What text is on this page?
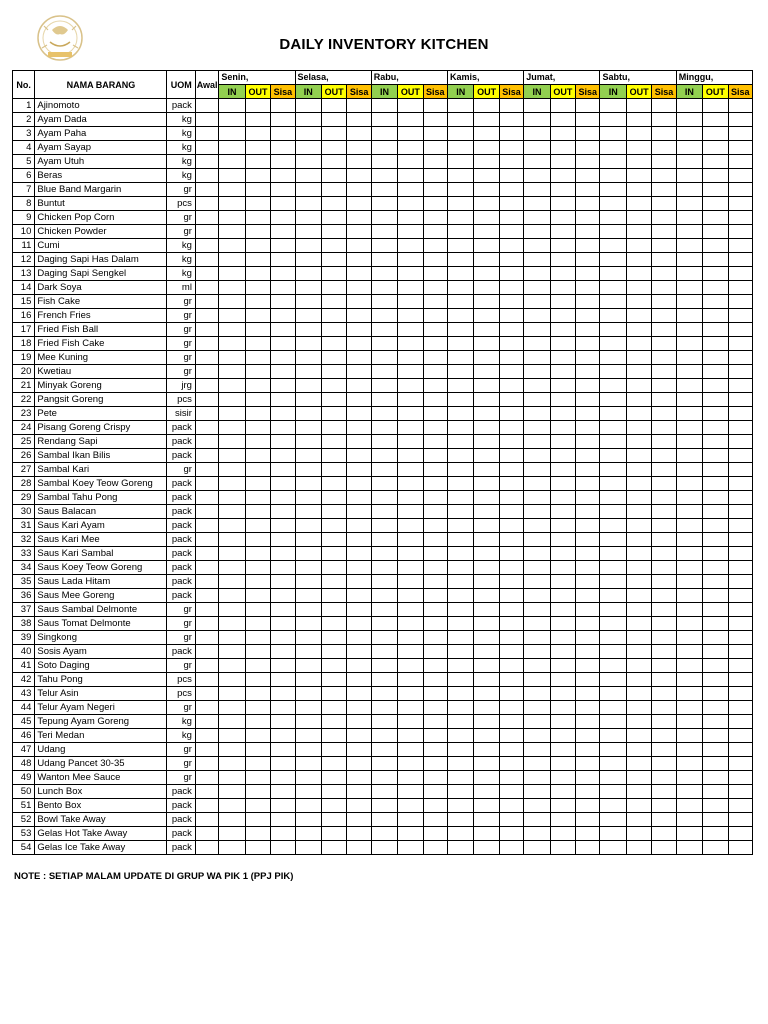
DAILY INVENTORY KITCHEN
No.	NAMA BARANG	UOM	Awal	Senin,			Selasa,			Rabu,			Kamis,			Jumat,			Sabtu,			Minggu,		
				IN	OUT	Sisa	IN	OUT	Sisa	IN	OUT	Sisa	IN	OUT	Sisa	IN	OUT	Sisa	IN	OUT	Sisa	IN	OUT	Sisa
1	Ajinomoto	pack																						
2	Ayam Dada	kg																						
3	Ayam Paha	kg																						
4	Ayam Sayap	kg																						
5	Ayam Utuh	kg																						
6	Beras	kg																						
7	Blue Band Margarin	gr																						
8	Buntut	pcs																						
9	Chicken Pop Corn	gr																						
10	Chicken Powder	gr																						
11	Cumi	kg																						
12	Daging Sapi Has Dalam	kg																						
13	Daging Sapi Sengkel	kg																						
14	Dark Soya	ml																						
15	Fish Cake	gr																						
16	French Fries	gr																						
17	Fried Fish Ball	gr																						
18	Fried Fish Cake	gr																						
19	Mee Kuning	gr																						
20	Kwetiau	gr																						
21	Minyak Goreng	jrg																						
22	Pangsit Goreng	pcs																						
23	Pete	sisir																						
24	Pisang Goreng Crispy	pack																						
25	Rendang Sapi	pack																						
26	Sambal Ikan Bilis	pack																						
27	Sambal Kari	gr																						
28	Sambal Koey Teow Goreng	pack																						
29	Sambal Tahu Pong	pack																						
30	Saus Balacan	pack																						
31	Saus Kari Ayam	pack																						
32	Saus Kari Mee	pack																						
33	Saus Kari Sambal	pack																						
34	Saus Koey Teow Goreng	pack																						
35	Saus Lada Hitam	pack																						
36	Saus Mee Goreng	pack																						
37	Saus Sambal Delmonte	gr																						
38	Saus Tomat Delmonte	gr																						
39	Singkong	gr																						
40	Sosis Ayam	pack																						
41	Soto Daging	gr																						
42	Tahu Pong	pcs																						
43	Telur Asin	pcs																						
44	Telur Ayam Negeri	gr																						
45	Tepung Ayam Goreng	kg																						
46	Teri Medan	kg																						
47	Udang	gr																						
48	Udang Pancet 30-35	gr																						
49	Wanton Mee Sauce	gr																						
50	Lunch Box	pack																						
51	Bento Box	pack																						
52	Bowl Take Away	pack																						
53	Gelas Hot Take Away	pack																						
54	Gelas Ice Take Away	pack																						
NOTE : SETIAP MALAM UPDATE DI GRUP WA PIK 1 (PPJ PIK)
